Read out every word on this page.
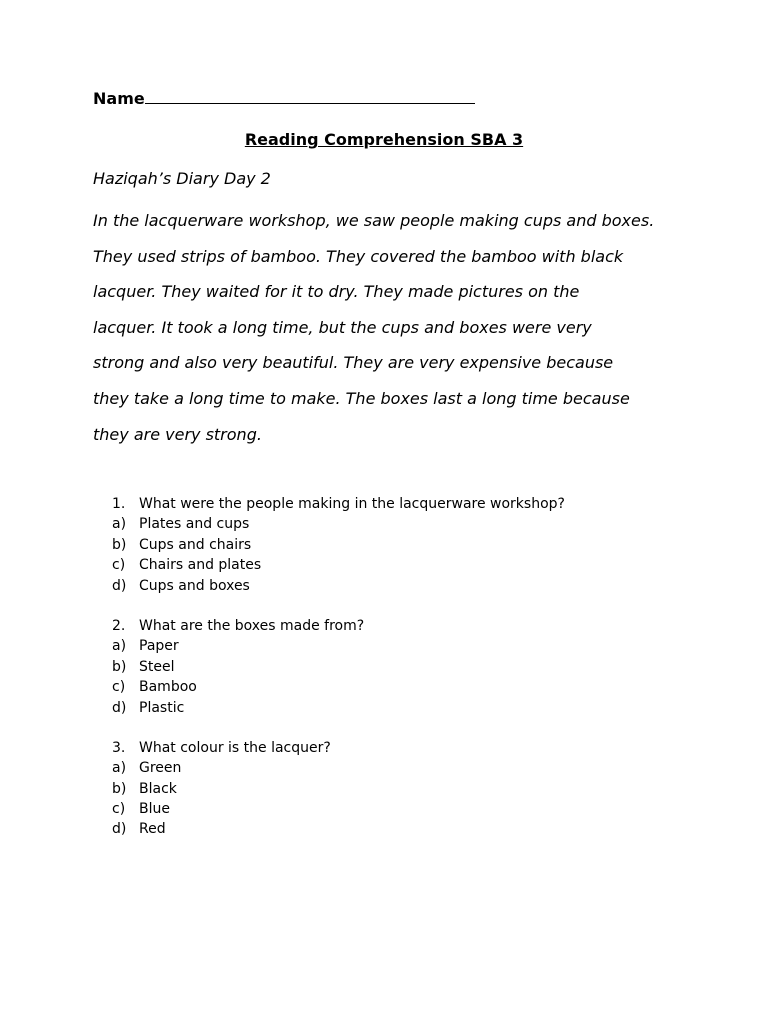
Name
Reading Comprehension SBA 3
Haziqah’s Diary Day 2
In the lacquerware workshop, we saw people making cups and boxes.
They used strips of bamboo. They covered the bamboo with black
lacquer. They waited for it to dry. They made pictures on the
lacquer. It took a long time, but the cups and boxes were very
strong and also very beautiful. They are very expensive because
they take a long time to make. The boxes last a long time because
they are very strong.
1. What were the people making in the lacquerware workshop?
a) Plates and cups
b) Cups and chairs
c) Chairs and plates
d) Cups and boxes
2. What are the boxes made from?
a) Paper
b) Steel
c) Bamboo
d) Plastic
3. What colour is the lacquer?
a) Green
b) Black
c) Blue
d) Red
